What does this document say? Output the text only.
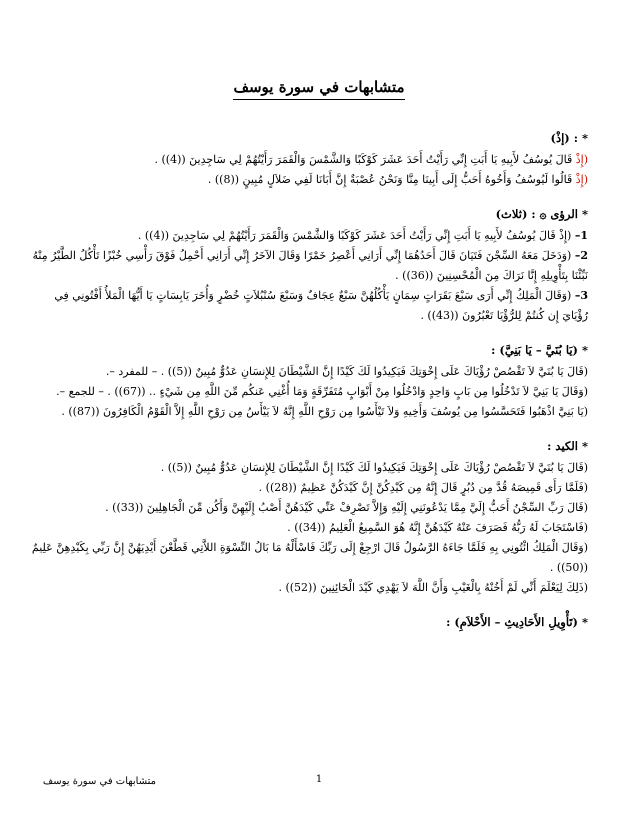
متشابهات في سورة يوسف
* : (إذْ)
(إِذْ قَالَ يُوسُفُ لأَبِيهِ يَا أَبَتِ إِنِّي رَأَيْتُ أَحَدَ عَشَرَ كَوْكَبًا وَالشَّمْسَ وَالْقَمَرَ رَأَيْتُهُمْ لِي سَاجِدِينَ ((4)) .
(إِذْ قَالُوا لَيُوسُفُ وَأَخُوهُ أَحَبُّ إِلَى أَبِينَا مِنَّا وَنَحْنُ عُصْبَةٌ إِنَّ أَبَانَا لَفِي ضَلاَلٍ مُبِينٍ ((8)) .
* الرؤى ۞ : (ثلاث)
1– (إِذْ قَالَ يُوسُفُ لأَبِيهِ يَا أَبَتِ إِنِّي رَأَيْتُ أَحَدَ عَشَرَ كَوْكَبًا وَالشَّمْسَ وَالْقَمَرَ رَأَيْتُهُمْ لِي سَاجِدِينَ ((4)) .
2– (وَدَخَلَ مَعَهُ السِّجْنَ فَتَيَانَ قَالَ أَحَدُهُمَا إِنِّي أَرَانِي أَعْصِرُ خَمْرًا وَقَالَ الآخَرُ إِنِّي أَرَانِي أَحْمِلُ فَوْقَ رَأْسِي خُبْزًا تَأْكُلُ الطَّيْرُ مِنْهُ
نَبِّئْنَا بِتَأْوِيلِهِ إِنَّا نَرَاكَ مِنَ الْمُحْسِنِينَ ((36)) .
3– (وَقَالَ الْمَلِكُ إِنِّي أَرَى سَبْعَ بَقَرَاتٍ سِمَانٍ يَأْكُلُهُنَّ سَبْعٌ عِجَافٌ وَسَبْعَ سُنْبُلاَتٍ خُضْرٍ وَأُخَرَ يَابِسَاتٍ يَا أَيُّهَا الْمَلأُ أَفْتُونِي فِي
رُؤْيَايَ إِن كُنتُمْ لِلرُّؤْيَا تَعْبُرُونَ ((43)) .
* (يَا بُنَيَّ – يَا بَنِيَّ) :
(قَالَ يَا بُنَيَّ لاَ تَقْصُصْ رُؤْيَاكَ عَلَى إِخْوَتِكَ فَيَكِيدُوا لَكَ كَيْدًا إِنَّ الشَّيْطَانَ لِلإِنسَانِ عَدُوٌّ مُبِينٌ ((5)) . – للمفرد –.
(وَقَالَ يَا بَنِيَّ لاَ تَدْخُلُوا مِن بَابٍ وَاحِدٍ وَادْخُلُوا مِنْ أَبْوَابٍ مُتَفَرِّقَةٍ وَمَا أُغْنِي عَنكُم مِّنَ اللَّهِ مِن شَيْءٍ .. ((67)) . – للجمع –.
(يَا بَنِيَّ اذْهَبُوا فَتَحَسَّسُوا مِن يُوسُفَ وَأَخِيهِ وَلاَ تَيْأَسُوا مِن رَوْحِ اللَّهِ إِنَّهُ لاَ يَيْأَسُ مِن رَوْحِ اللَّهِ إِلاَّ الْقَوْمُ الْكَافِرُونَ ((87)) .
* الكيد :
(قَالَ يَا بُنَيَّ لاَ تَقْصُصْ رُؤْيَاكَ عَلَى إِخْوَتِكَ فَيَكِيدُوا لَكَ كَيْدًا إِنَّ الشَّيْطَانَ لِلإِنسَانِ عَدُوٌّ مُبِينٌ ((5)) .
(فَلَمَّا رَأَى قَمِيصَهُ قُدَّ مِن دُبُرٍ قَالَ إِنَّهُ مِن كَيْدِكُنَّ إِنَّ كَيْدَكُنَّ عَظِيمٌ ((28)) .
(قَالَ رَبِّ السِّجْنُ أَحَبُّ إِلَيَّ مِمَّا يَدْعُونَنِي إِلَيْهِ وَإِلاَّ تَصْرِفْ عَنِّي كَيْدَهُنَّ أَصْبُ إِلَيْهِنَّ وَأَكُن مِّنَ الْجَاهِلِينَ ((33)) .
(فَاسْتَجَابَ لَهُ رَبُّهُ فَصَرَفَ عَنْهُ كَيْدَهُنَّ إِنَّهُ هُوَ السَّمِيعُ الْعَلِيمُ ((34)) .
(وَقَالَ الْمَلِكُ ائْتُونِي بِهِ فَلَمَّا جَاءَهُ الرَّسُولُ قَالَ ارْجِعْ إِلَى رَبِّكَ فَاسْأَلْهُ مَا بَالُ النِّسْوَةِ اللاَّتِي قَطَّعْنَ أَيْدِيَهُنَّ إِنَّ رَبِّي بِكَيْدِهِنَّ عَلِيمٌ
((50)) .
(ذَلِكَ لِيَعْلَمَ أَنِّي لَمْ أَخُنْهُ بِالْغَيْبِ وَأَنَّ اللَّهَ لاَ يَهْدِي كَيْدَ الْخَائِنِينَ ((52)) .
* (تَأْوِيلِ الأَحَادِيثِ – الأَحْلاَمِ) :
1
متشابهات في سورة يوسف
